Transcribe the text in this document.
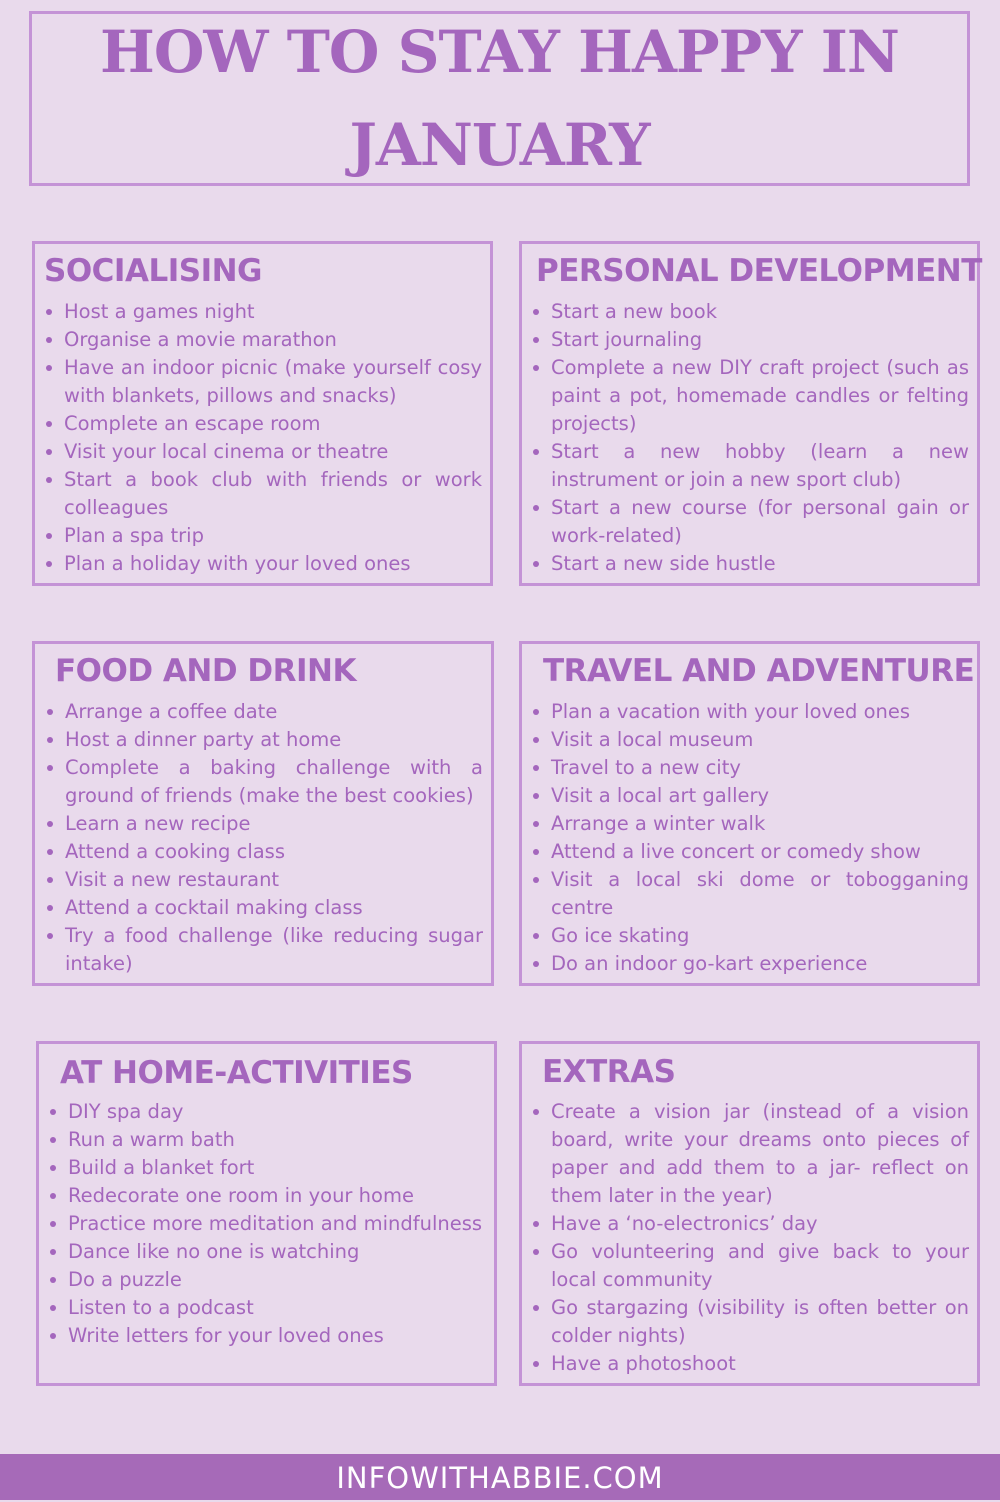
HOW TO STAY HAPPY IN JANUARY
SOCIALISING
Host a games night
Organise a movie marathon
Have an indoor picnic (make yourself cosy with blankets, pillows and snacks)
Complete an escape room
Visit your local cinema or theatre
Start a book club with friends or work colleagues
Plan a spa trip
Plan a holiday with your loved ones
PERSONAL DEVELOPMENT
Start a new book
Start journaling
Complete a new DIY craft project (such as paint a pot, homemade candles or felting projects)
Start a new hobby (learn a new instrument or join a new sport club)
Start a new course (for personal gain or work-related)
Start a new side hustle
FOOD AND DRINK
Arrange a coffee date
Host a dinner party at home
Complete a baking challenge with a ground of friends (make the best cookies)
Learn a new recipe
Attend a cooking class
Visit a new restaurant
Attend a cocktail making class
Try a food challenge (like reducing sugar intake)
TRAVEL AND ADVENTURE
Plan a vacation with your loved ones
Visit a local museum
Travel to a new city
Visit a local art gallery
Arrange a winter walk
Attend a live concert or comedy show
Visit a local ski dome or tobogganing centre
Go ice skating
Do an indoor go-kart experience
AT HOME-ACTIVITIES
DIY spa day
Run a warm bath
Build a blanket fort
Redecorate one room in your home
Practice more meditation and mindfulness
Dance like no one is watching
Do a puzzle
Listen to a podcast
Write letters for your loved ones
EXTRAS
Create a vision jar (instead of a vision board, write your dreams onto pieces of paper and add them to a jar- reflect on them later in the year)
Have a ‘no-electronics’ day
Go volunteering and give back to your local community
Go stargazing (visibility is often better on colder nights)
Have a photoshoot
INFOWITHABBIE.COM
